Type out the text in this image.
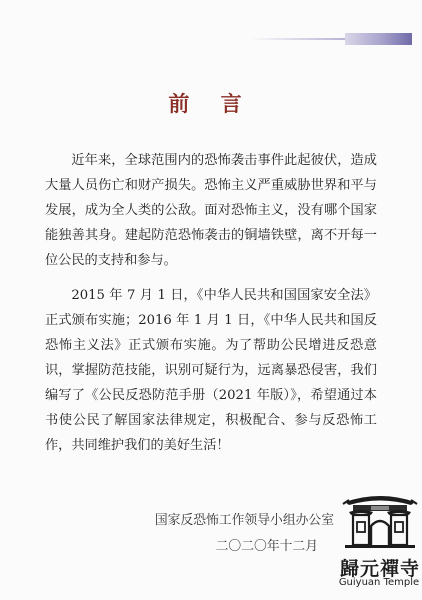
前 言

近年来，全球范围内的恐怖袭击事件此起彼伏，造成大量人员伤亡和财产损失。恐怖主义严重威胁世界和平与发展，成为全人类的公敌。面对恐怖主义，没有哪个国家能独善其身。建起防范恐怖袭击的铜墙铁壁，离不开每一位公民的支持和参与。

2015 年 7 月 1 日，《中华人民共和国国家安全法》正式颁布实施；2016 年 1 月 1 日，《中华人民共和国反恐怖主义法》正式颁布实施。为了帮助公民增进反恐意识，掌握防范技能，识别可疑行为，远离暴恐侵害，我们编写了《公民反恐防范手册（2021 年版）》，希望通过本书使公民了解国家法律规定，积极配合、参与反恐怖工作，共同维护我们的美好生活！

国家反恐怖工作领导小组办公室
二〇二〇年十二月
歸元禪寺
Guiyuan Temple
